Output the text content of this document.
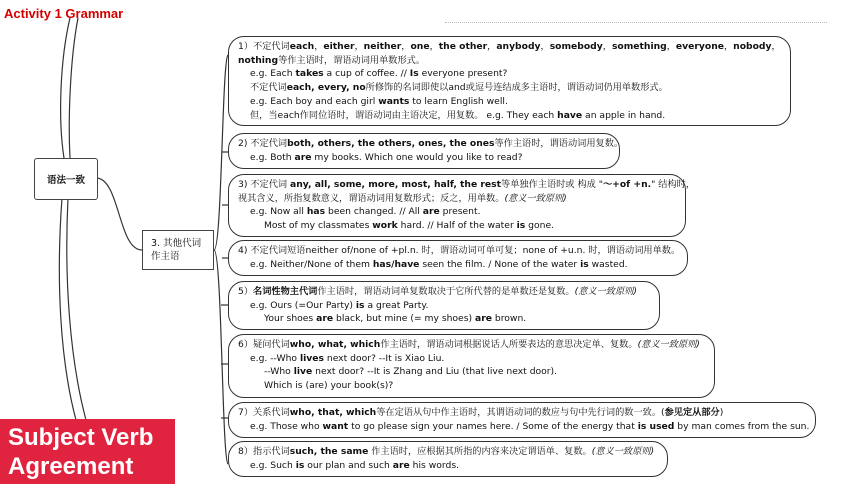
Activity 1 Grammar
语法一致
3. 其他代词
作主语
1）不定代词each，either，neither，one，the other，anybody，somebody，something，everyone，nobody，
nothing等作主语时，谓语动词用单数形式。
e.g. Each takes a cup of coffee. // Is everyone present?
不定代词each, every, no所修饰的名词即使以and或逗号连结成多主语时，谓语动词仍用单数形式。
e.g. Each boy and each girl wants to learn English well.
但，当each作同位语时，谓语动词由主语决定，用复数。 e.g. They each have an apple in hand.
2) 不定代词both, others, the others, ones, the ones等作主语时，谓语动词用复数。
e.g. Both are my books. Which one would you like to read?
3) 不定代词 any, all, some, more, most, half, the rest等单独作主语时或 构成 "～+of +n." 结构时，
视其含义，所指复数意义，谓语动词用复数形式；反之，用单数。(意义一致原则)
e.g. Now all has been changed. // All are present.
Most of my classmates work hard. // Half of the water is gone.
4) 不定代词短语neither of/none of +pl.n. 时，谓语动词可单可复；none of +u.n. 时，谓语动词用单数。
e.g. Neither/None of them has/have seen the film. / None of the water is wasted.
5）名词性物主代词作主语时，谓语动词单复数取决于它所代替的是单数还是复数。(意义一致原则)
e.g. Ours (=Our Party) is a great Party.
Your shoes are black, but mine (= my shoes) are brown.
6）疑问代词who, what, which作主语时，谓语动词根据说话人所要表达的意思决定单、复数。(意义一致原则)
e.g. --Who lives next door? --It is Xiao Liu.
--Who live next door? --It is Zhang and Liu (that live next door).
Which is (are) your book(s)?
7）关系代词who, that, which等在定语从句中作主语时，其谓语动词的数应与句中先行词的数一致。(参见定从部分)
e.g. Those who want to go please sign your names here. / Some of the energy that is used by man comes from the sun.
8）指示代词such, the same 作主语时，应根据其所指的内容来决定谓语单、复数。(意义一致原则)
e.g. Such is our plan and such are his words.
Subject Verb
Agreement
